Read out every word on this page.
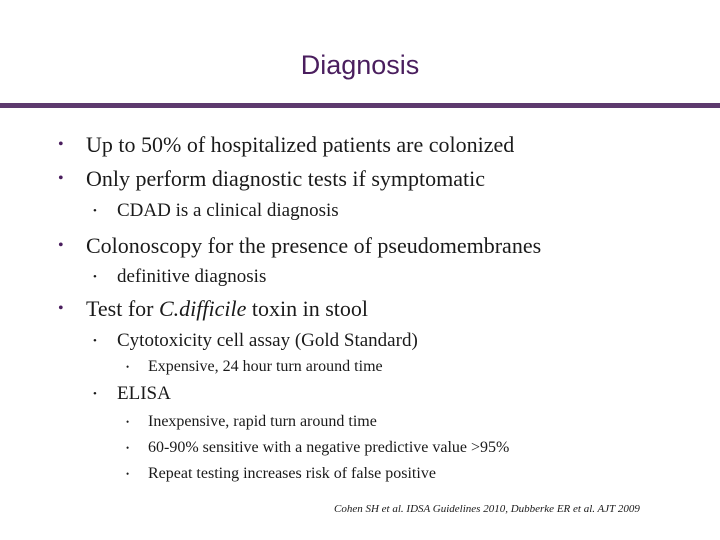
Diagnosis
• Up to 50% of hospitalized patients are colonized
• Only perform diagnostic tests if symptomatic
• CDAD is a clinical diagnosis
• Colonoscopy for the presence of pseudomembranes
• definitive diagnosis
• Test for C.difficile toxin in stool
• Cytotoxicity cell assay (Gold Standard)
• Expensive, 24 hour turn around time
• ELISA
• Inexpensive, rapid turn around time
• 60-90% sensitive with a negative predictive value >95%
• Repeat testing increases risk of false positive
Cohen SH et al. IDSA Guidelines 2010, Dubberke ER et al. AJT 2009
